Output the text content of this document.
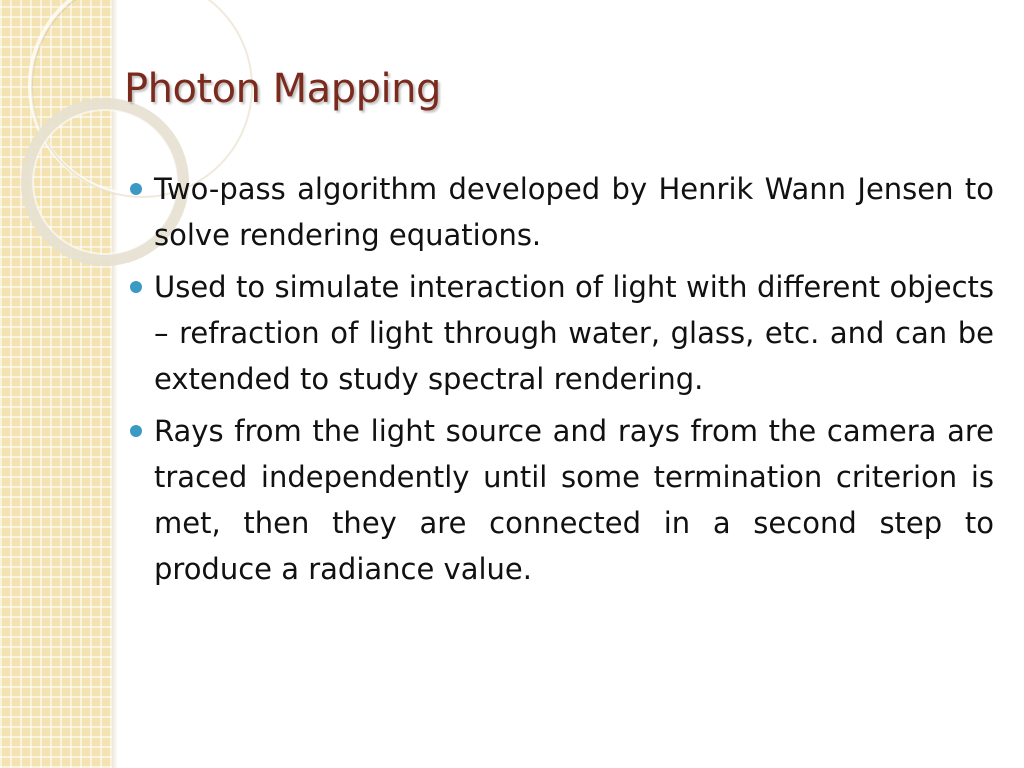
Photon Mapping
Two-pass algorithm developed by Henrik Wann Jensen to solve rendering equations.
Used to simulate interaction of light with different objects – refraction of light through water, glass, etc. and can be extended to study spectral rendering.
Rays from the light source and rays from the camera are traced independently until some termination criterion is met, then they are connected in a second step to produce a radiance value.
